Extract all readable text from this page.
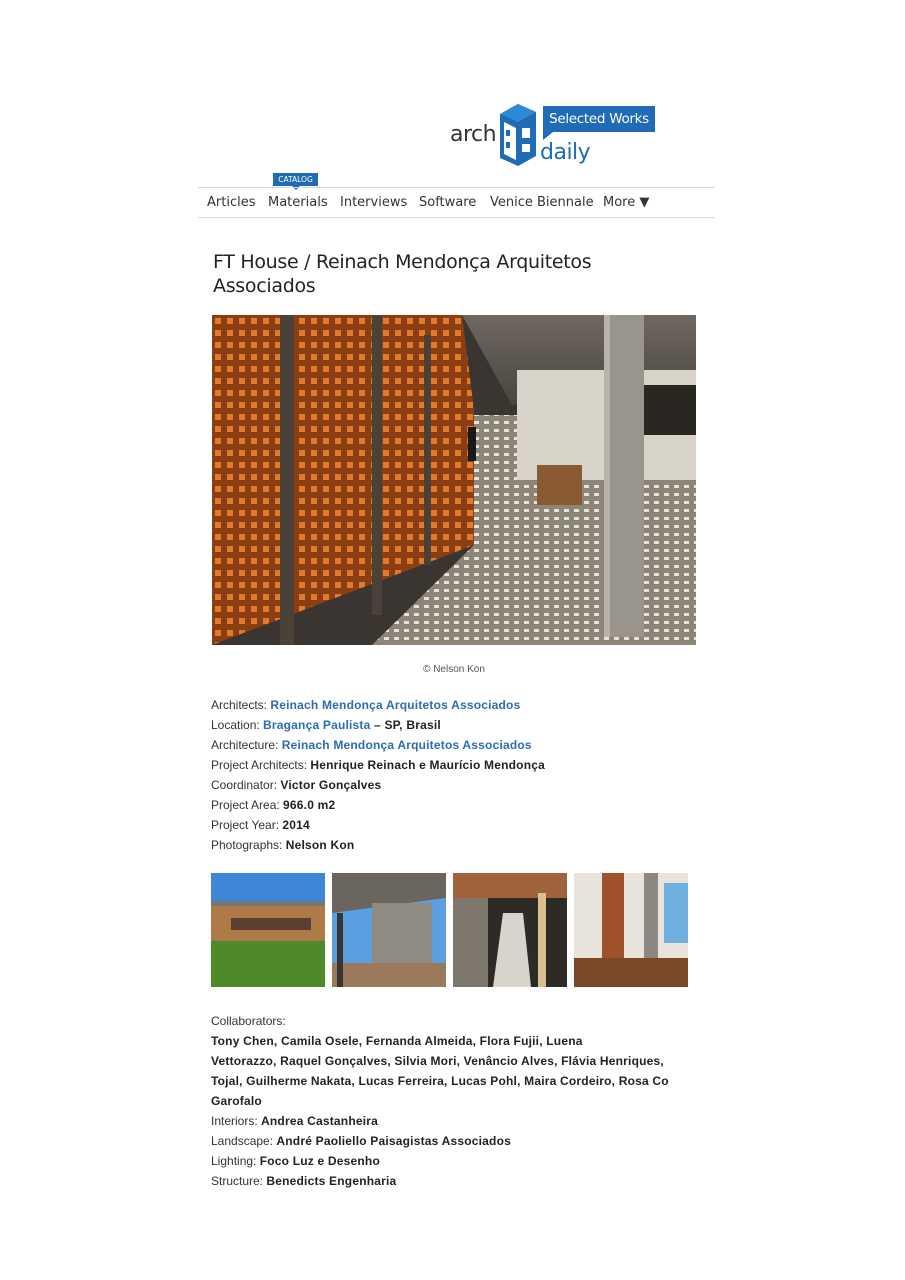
arch
daily
Selected Works
CATALOG
Articles Materials Interviews Software Venice Biennale More ▼
FT House / Reinach Mendonça Arquitetos Associados
© Nelson Kon
Architects: Reinach Mendonça Arquitetos Associados
Location: Bragança Paulista – SP, Brasil
Architecture: Reinach Mendonça Arquitetos Associados
Project Architects: Henrique Reinach e Maurício Mendonça
Coordinator: Victor Gonçalves
Project Area: 966.0 m2
Project Year: 2014
Photographs: Nelson Kon
Collaborators:
Tony Chen, Camila Osele, Fernanda Almeida, Flora Fujii, Luena
Vettorazzo, Raquel Gonçalves, Silvia Mori, Venâncio Alves, Flávia Henriques,
Tojal, Guilherme Nakata, Lucas Ferreira, Lucas Pohl, Maira Cordeiro, Rosa Co
Garofalo
Interiors: Andrea Castanheira
Landscape: André Paoliello Paisagistas Associados
Lighting: Foco Luz e Desenho
Structure: Benedicts Engenharia
